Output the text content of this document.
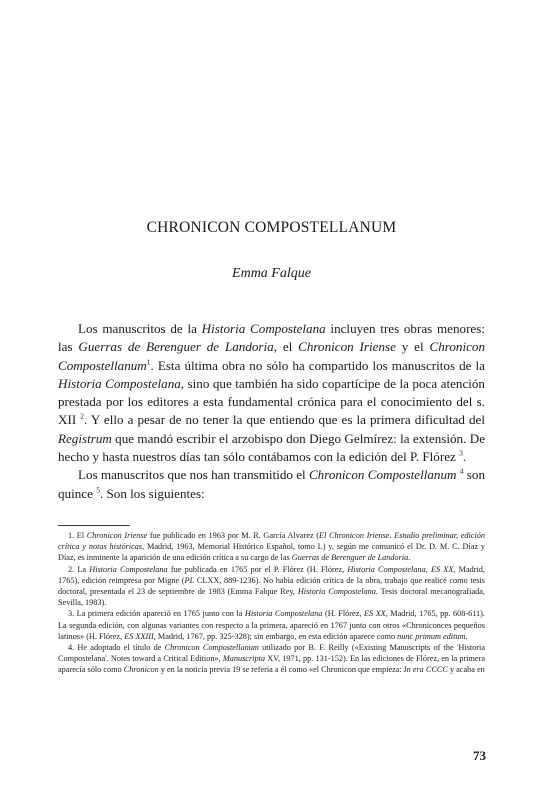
CHRONICON COMPOSTELLANUM
Emma Falque

Los manuscritos de la Historia Compostelana incluyen tres obras menores: las Guerras de Berenguer de Landoria, el Chronicon Iriense y el Chronicon Compostellanum$^1$. Esta última obra no sólo ha compartido los manuscritos de la Historia Compostelana, sino que también ha sido copartícipe de la poca atención prestada por los editores a esta fundamental crónica para el conocimiento del s. XII $^2$. Y ello a pesar de no tener la que entiendo que es la primera dificultad del Registrum que mandó escribir el arzobispo don Diego Gelmírez: la extensión. De hecho y hasta nuestros días tan sólo contábamos con la edición del P. Flórez $^3$.

Los manuscritos que nos han transmitido el Chronicon Compostellanum $^4$ son quince $^5$. Son los siguientes:

1. El Chronicon Iriense fue publicado en 1963 por M. R. García Alvarez (El Chronicon Iriense. Estudio preliminar, edición crítica y notas históricas, Madrid, 1963, Memorial Histórico Español, tomo L) y, según me comunicó el Dr. D. M. C. Díaz y Díaz, es inminente la aparición de una edición crítica a su cargo de las Guerras de Berenguer de Landoria.

2. La Historia Compostelana fue publicada en 1765 por el P. Flórez (H. Flórez, Historia Compostelana, ES XX, Madrid, 1765), edición reimpresa por Migne (PL CLXX, 889-1236). No había edición crítica de la obra, trabajo que realicé como tesis doctoral, presentada el 23 de septiembre de 1983 (Emma Falque Rey, Historia Compostelana. Tesis doctoral mecanografiada, Sevilla, 1983).

3. La primera edición apareció en 1765 junto con la Historia Compostelana (H. Flórez, ES XX, Madrid, 1765, pp. 608-611). La segunda edición, con algunas variantes con respecto a la primera, apareció en 1767 junto con otros «Chroniconces pequeños latinos» (H. Flórez, ES XXIII, Madrid, 1767, pp. 325-328); sin embargo, en esta edición aparece como nunc primum editum.

4. He adoptado el título de Chronicon Compostellanum utilizado por B. F. Reilly («Existing Manuscripts of the 'Historia Compostelana'. Notes toward a Critical Edition», Manuscripta XV, 1971, pp. 131-152). En las ediciones de Flórez, en la primera aparecía sólo como Chronicon y en la noticia previa 19 se refería a él como «el Chronicon que empieza: In era CCCC y acaba en

73
